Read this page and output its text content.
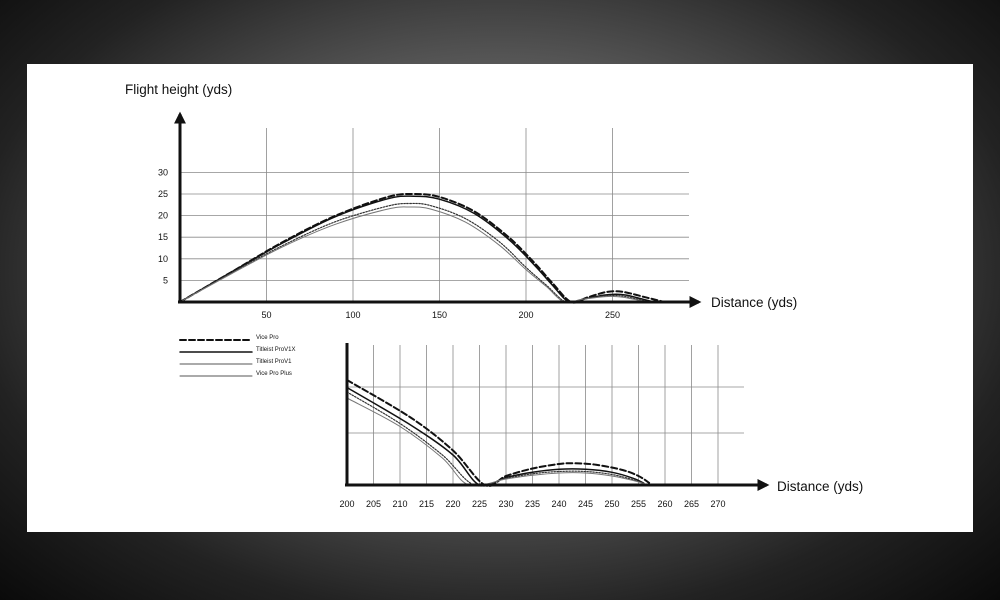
5
10
15
20
25
30
50	100	150	200	250
Flight height (yds)
Distance (yds)
Vice Pro
Titleist ProV1X
Titleist ProV1
Vice Pro Plus
200 205 210 215 220 225 230 235 240 245 250 255 260 265 270
Distance (yds)
